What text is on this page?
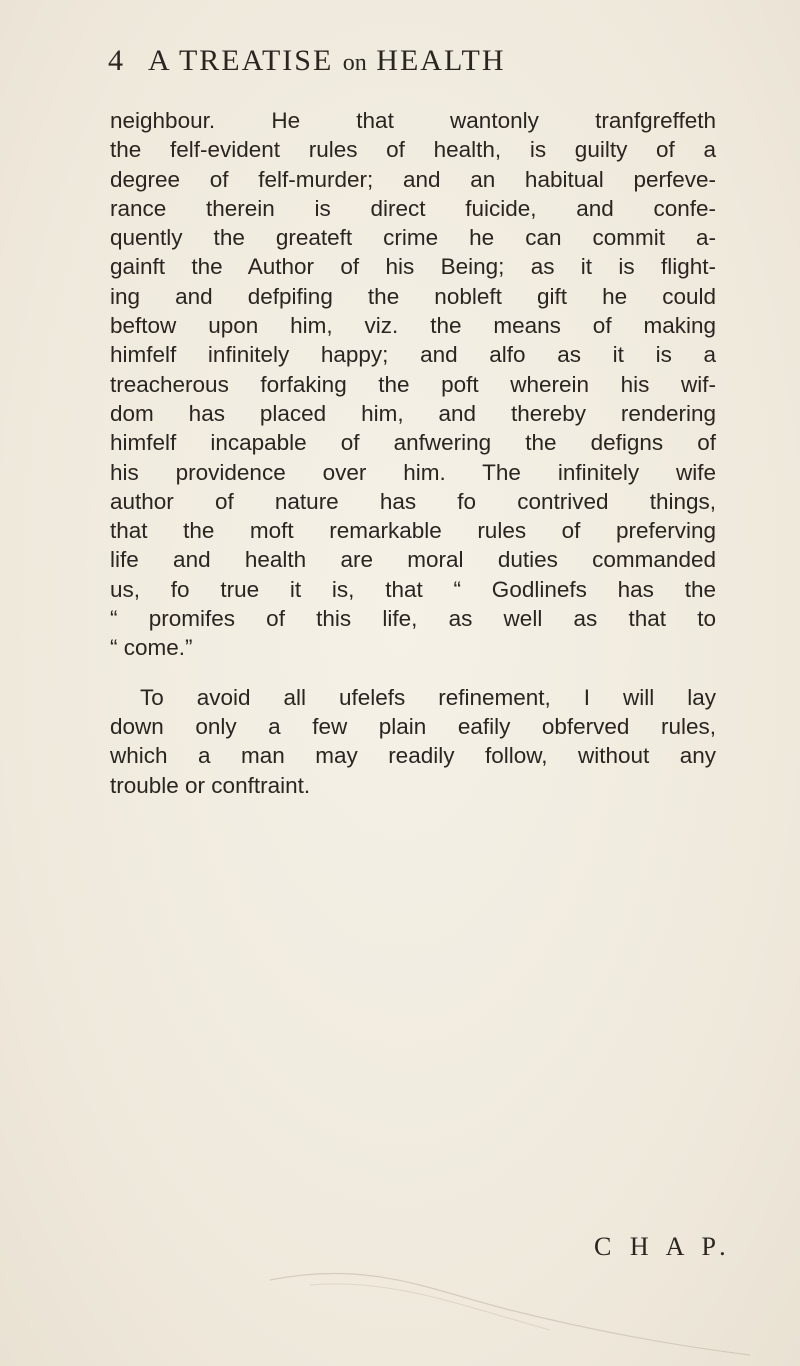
4 A TREATISE on HEALTH
neighbour. He that wantonly tranfgreffeth
the felf-evident rules of health, is guilty of a
degree of felf-murder; and an habitual perfeve-
rance therein is direct fuicide, and confe-
quently the greateft crime he can commit a-
gainft the Author of his Being; as it is flight-
ing and defpifing the nobleft gift he could
beftow upon him, viz. the means of making
himfelf infinitely happy; and alfo as it is a
treacherous forfaking the poft wherein his wif-
dom has placed him, and thereby rendering
himfelf incapable of anfwering the defigns of
his providence over him. The infinitely wife
author of nature has fo contrived things,
that the moft remarkable rules of preferving
life and health are moral duties commanded
us, fo true it is, that “ Godlinefs has the
“ promifes of this life, as well as that to
“ come.”
To avoid all ufelefs refinement, I will lay
down only a few plain eafily obferved rules,
which a man may readily follow, without any
trouble or conftraint.
C H A P.
